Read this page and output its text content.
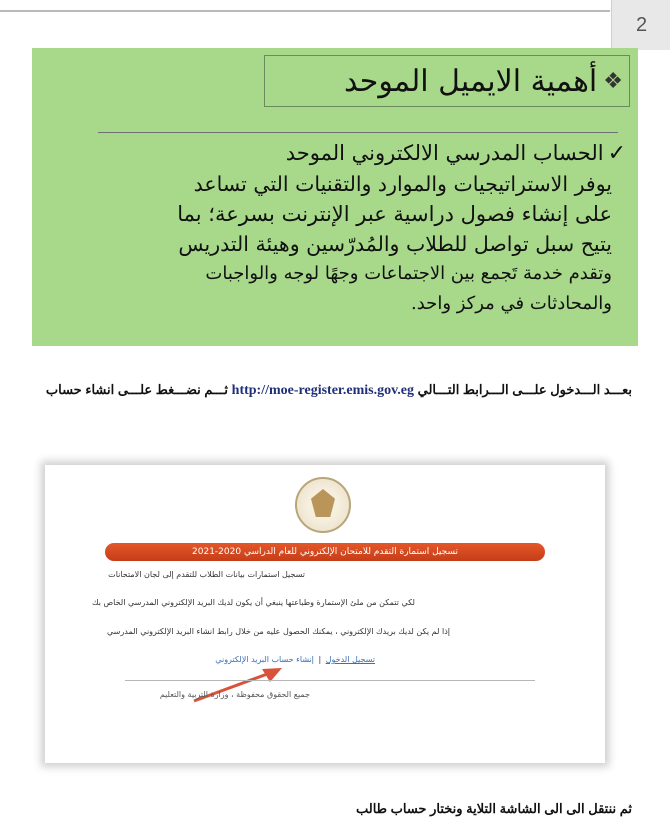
2
❖
أهمية الايميل الموحد
✓الحساب المدرسي الالكتروني الموحد
يوفر الاستراتيجيات والموارد والتقنيات التي تساعد
على إنشاء فصول دراسية عبر الإنترنت بسرعة؛ بما
يتيح سبل تواصل للطلاب والمُدرّسين وهيئة التدريس
وتقدم خدمة تَجمع بين الاجتماعات وجهًا لوجه والواجبات
والمحادثات في مركز واحد.
بعـــد الـــدخول علـــى الـــرابط التـــالي http://moe-register.emis.gov.eg ثـــم نضـــغط علـــى انشاء حساب
تسجيل استمارة التقدم للامتحان الإلكتروني للعام الدراسي 2020-2021
تسجيل استمارات بيانات الطلاب للتقدم إلى لجان الامتحانات
لكي تتمكن من ملئ الإستمارة وطباعتها ينبغي أن يكون لديك البريد الإلكتروني المدرسي الخاص بك
إذا لم يكن لديك بريدك الإلكتروني ، يمكنك الحصول عليه من خلال رابط انشاء البريد الإلكتروني المدرسي
تسجيل الدخول | إنشاء حساب البريد الإلكتروني
جميع الحقوق محفوظة ، وزارة التربية والتعليم
ثم ننتقل الى الى الشاشة التلاية ونختار حساب طالب
